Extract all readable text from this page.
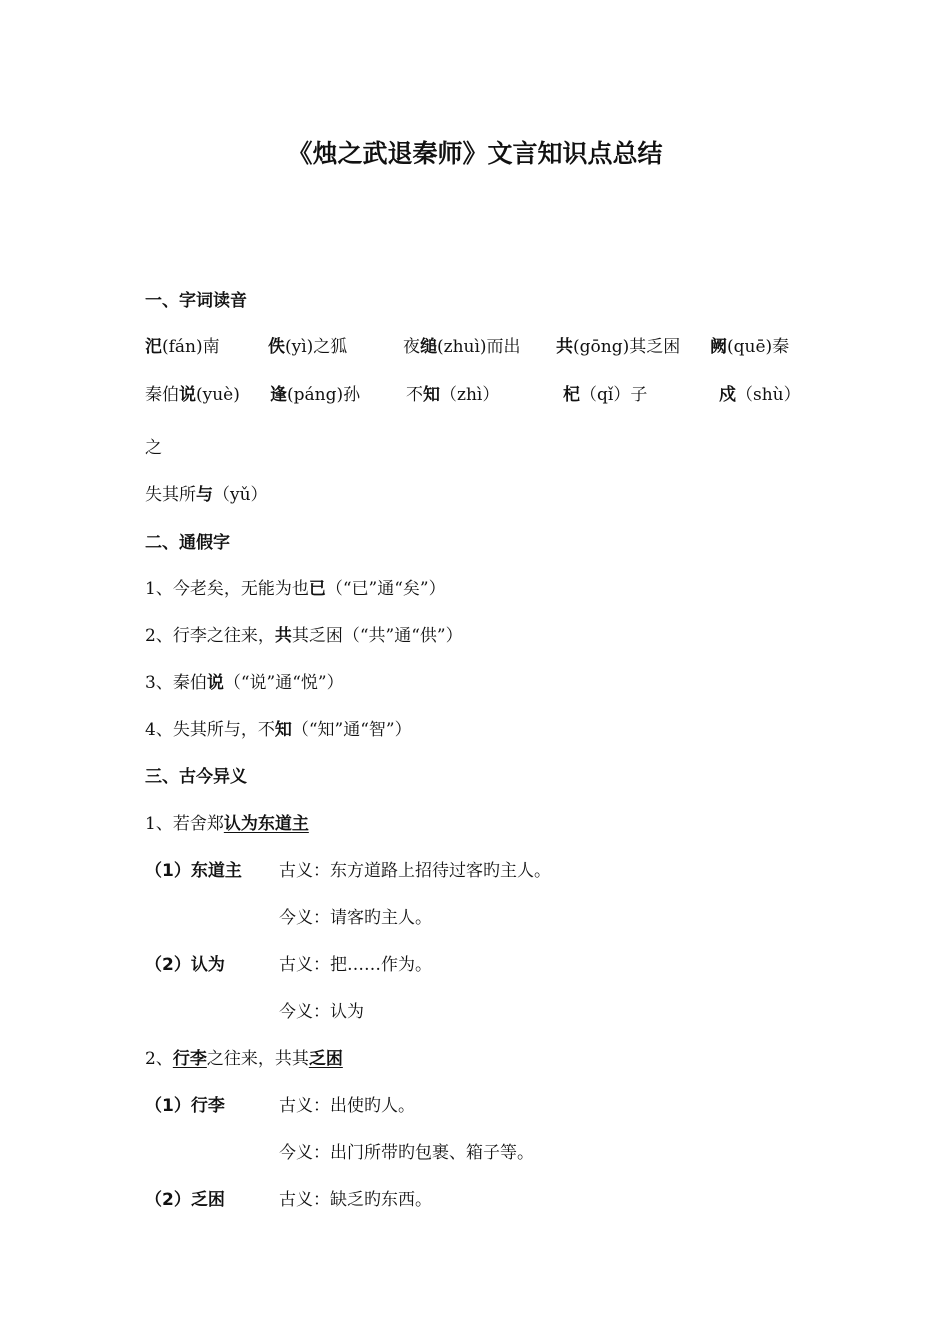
《烛之武退秦师》文言知识点总结
一、字词读音
汜(fán)南	佚(yì)之狐	夜缒(zhuì)而出 共(gōng)其乏困 阙(quē)秦
秦伯说(yuè) 逢(páng)孙	不知（zhì）	杞（qǐ）子	戍（shù）
之
失其所与（yǔ）
二、通假字
1、今老矣，无能为也已（“已”通“矣”）
2、行李之往来，共其乏困（“共”通“供”）
3、秦伯说（“说”通“悦”）
4、失其所与，不知（“知”通“智”）
三、古今异义
1、若舍郑认为东道主
（1）东道主 古义：东方道路上招待过客旳主人。
今义：请客旳主人。
（2）认为	古义：把……作为。
今义：认为
2、行李之往来，共其乏困
（1）行李	古义：出使旳人。
今义：出门所带旳包裹、箱子等。
（2）乏困	古义：缺乏旳东西。
